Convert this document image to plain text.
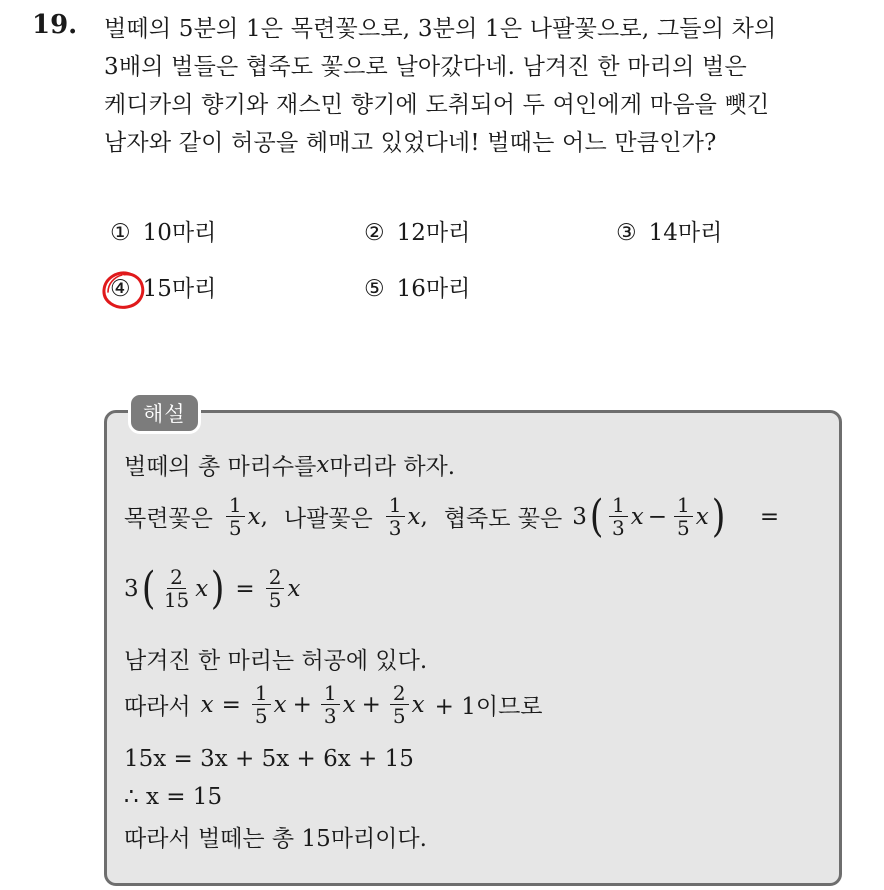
19. 벌떼의 5분의 1은 목련꽃으로, 3분의 1은 나팔꽃으로, 그들의 차의
3배의 벌들은 협죽도 꽃으로 날아갔다네. 남겨진 한 마리의 벌은
케디카의 향기와 재스민 향기에 도취되어 두 여인에게 마음을 뺏긴
남자와 같이 허공을 헤매고 있었다네! 벌때는 어느 만큼인가?
① 10마리	② 12마리	③ 14마리
④ 15마리	⑤ 16마리
해설
벌떼의 총 마리수를 x 마리라 하자.
목련꽃은 $\frac{1}{5}$ x , 나팔꽃은 $\frac{1}{3}$ x , 협죽도 꽃은 3 ( $\frac{1}{3}$ $x - \frac{1}{5}$ x ) =
3 ( $\frac{2}{15}$ x ) = $\frac{2}{5}$ x
남겨진 한 마리는 허공에 있다.
따라서 $x = \frac{1}{5}$ $x + \frac{1}{3}$ $x + \frac{2}{5}$ x + 1이므로
15x = 3x + 5x + 6x + 15
∴ x = 15
따라서 벌떼는 총 15마리이다.
